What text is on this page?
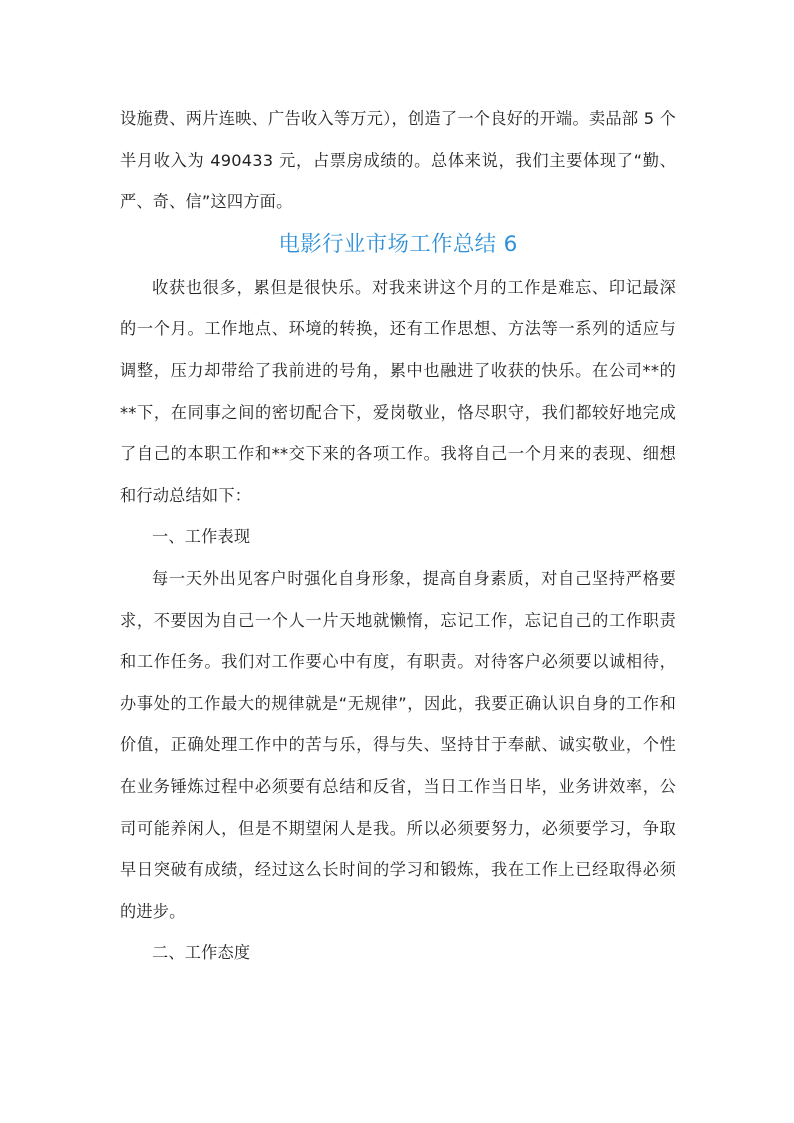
设施费、两片连映、广告收入等万元），创造了一个良好的开端。卖品部 5 个半月收入为 490433 元，占票房成绩的。总体来说，我们主要体现了“勤、严、奇、信”这四方面。

电影行业市场工作总结 6

收获也很多，累但是很快乐。对我来讲这个月的工作是难忘、印记最深的一个月。工作地点、环境的转换，还有工作思想、方法等一系列的适应与调整，压力却带给了我前进的号角，累中也融进了收获的快乐。在公司**的**下，在同事之间的密切配合下，爱岗敬业，恪尽职守，我们都较好地完成了自己的本职工作和**交下来的各项工作。我将自己一个月来的表现、细想和行动总结如下：

一、工作表现

每一天外出见客户时强化自身形象，提高自身素质，对自己坚持严格要求，不要因为自己一个人一片天地就懒惰，忘记工作，忘记自己的工作职责和工作任务。我们对工作要心中有度，有职责。对待客户必须要以诚相待，办事处的工作最大的规律就是“无规律”，因此，我要正确认识自身的工作和价值，正确处理工作中的苦与乐，得与失、坚持甘于奉献、诚实敬业，个性在业务锤炼过程中必须要有总结和反省，当日工作当日毕，业务讲效率，公司可能养闲人，但是不期望闲人是我。所以必须要努力，必须要学习，争取早日突破有成绩，经过这么长时间的学习和锻炼，我在工作上已经取得必须的进步。

二、工作态度
